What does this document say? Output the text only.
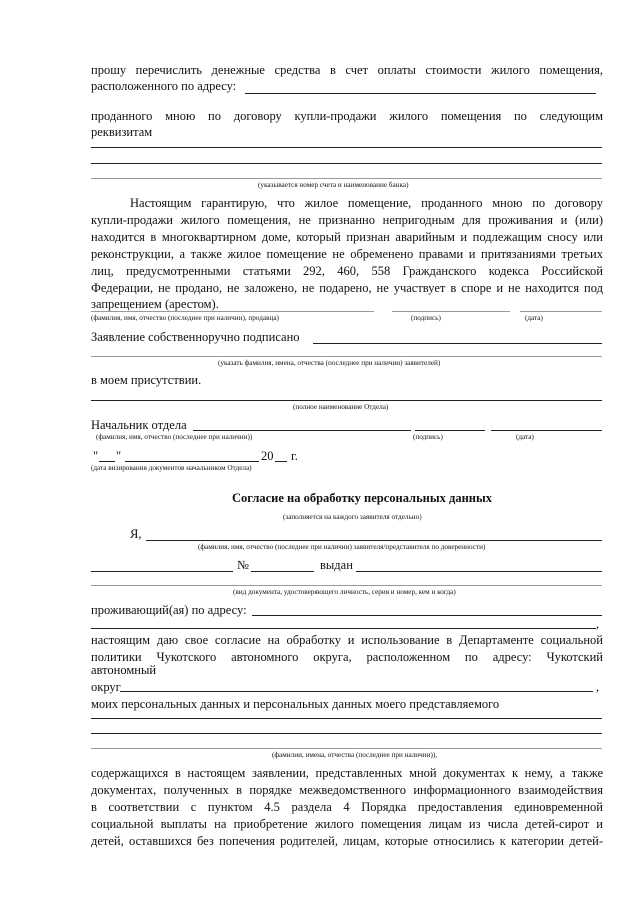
прошу перечислить денежные средства в счет оплаты стоимости жилого помещения,
расположенного по адресу:
проданного мною по договору купли-продажи жилого помещения по следующим
реквизитам
(указывается номер счета и наименование банка)
Настоящим гарантирую, что жилое помещение, проданного мною по договору
купли-продажи жилого помещения, не признанно непригодным для проживания и (или)
находится в многоквартирном доме, который признан аварийным и подлежащим сносу или
реконструкции, а также жилое помещение не обременено правами и притязаниями третьих
лиц, предусмотренными статьями 292, 460, 558 Гражданского кодекса Российской
Федерации, не продано, не заложено, не подарено, не участвует в споре и не находится под
запрещением (арестом).
(фамилия, имя, отчество (последнее при наличии), продавца)	(подпись)	(дата)
Заявление собственноручно подписано
(указать фамилия, имена, отчества (последнее при наличии) заявителей)
в моем присутствии.
(полное наименование Отдела)
Начальник отдела
(фамилия, имя, отчество (последнее при наличии))	(подпись)	(дата)
" "	20 г.
(дата визирования документов начальником Отдела)
Согласие на обработку персональных данных
(заполняется на каждого заявителя отдельно)
Я,
(фамилия, имя, отчество (последнее при наличии) заявителя/представителя по доверенности)
№	выдан
(вид документа, удостоверяющего личность, серия и номер, кем и когда)
проживающий(ая) по адресу:
,
настоящим даю свое согласие на обработку и использование в Департаменте социальной
политики Чукотского автономного округа, расположенном по адресу: Чукотский
автономный
округ	,
моих персональных данных и персональных данных моего представляемого
(фамилии, имена, отчества (последнее при наличии)),
содержащихся в настоящем заявлении, представленных мной документах к нему, а также
документах, полученных в порядке межведомственного информационного взаимодействия
в соответствии с пунктом 4.5 раздела 4 Порядка предоставления единовременной
социальной выплаты на приобретение жилого помещения лицам из числа детей-сирот и
детей, оставшихся без попечения родителей, лицам, которые относились к категории детей-
